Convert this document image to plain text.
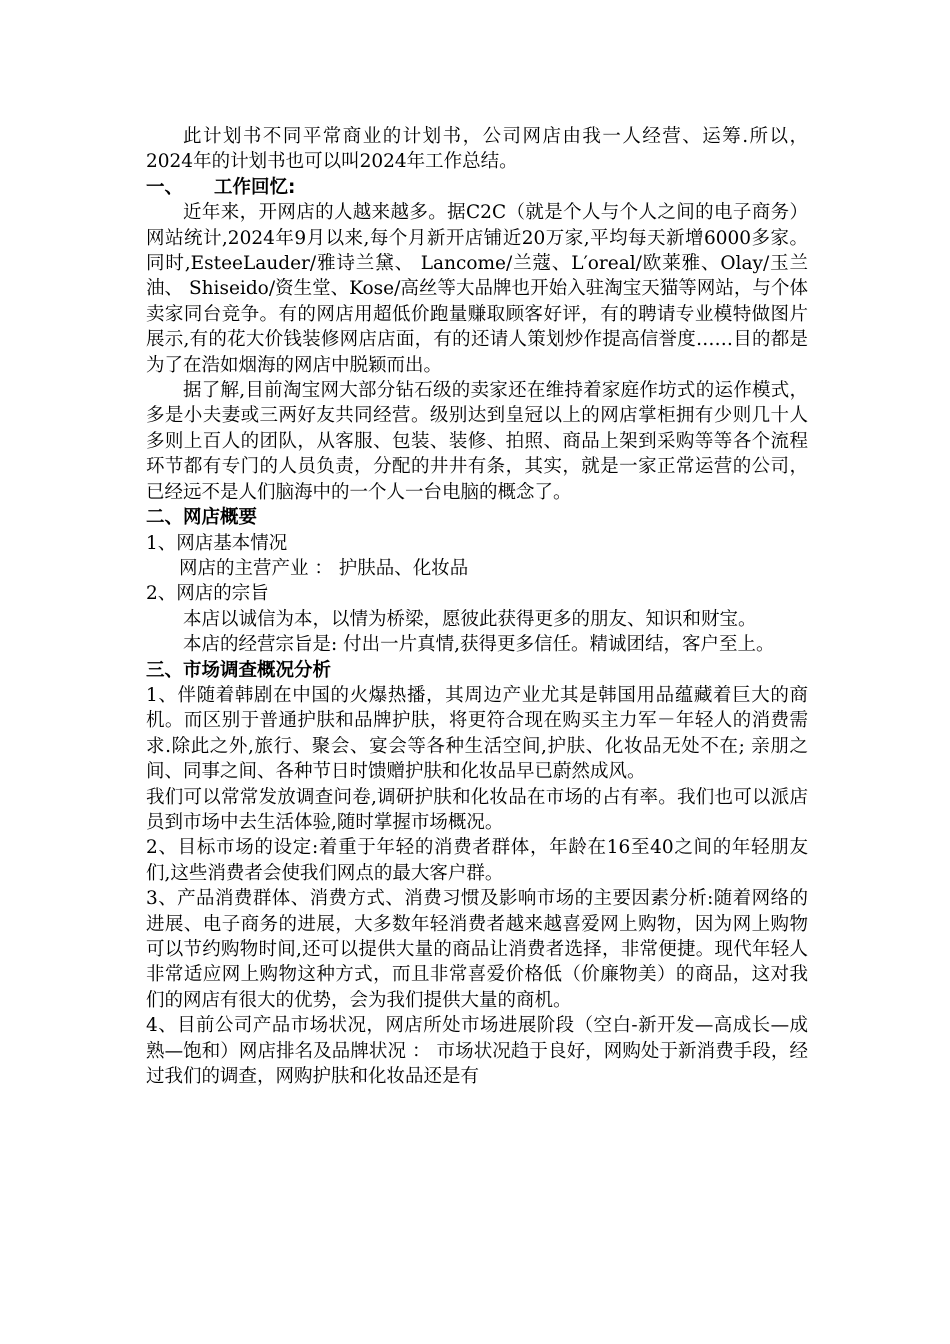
此计划书不同平常商业的计划书，公司网店由我一人经营、运筹.所以，2024年的计划书也可以叫2024年工作总结。

一、 工作回忆:

近年来，开网店的人越来越多。据C2C（就是个人与个人之间的电子商务）网站统计,2024年9月以来,每个月新开店铺近20万家,平均每天新增6000多家。同时,EsteeLauder/雅诗兰黛、 Lancome/兰蔻、L′oreal/欧莱雅、Olay/玉兰油、 Shiseido/资生堂、Kose/高丝等大品牌也开始入驻淘宝天猫等网站，与个体卖家同台竞争。有的网店用超低价跑量赚取顾客好评，有的聘请专业模特做图片展示,有的花大价钱装修网店店面，有的还请人策划炒作提高信誉度……目的都是为了在浩如烟海的网店中脱颖而出。

据了解,目前淘宝网大部分钻石级的卖家还在维持着家庭作坊式的运作模式，多是小夫妻或三两好友共同经营。级别达到皇冠以上的网店掌柜拥有少则几十人多则上百人的团队，从客服、包装、装修、拍照、商品上架到采购等等各个流程环节都有专门的人员负责，分配的井井有条，其实，就是一家正常运营的公司，已经远不是人们脑海中的一个人一台电脑的概念了。

二、网店概要

1、网店基本情况

网店的主营产业 ： 护肤品、化妆品

2、网店的宗旨

本店以诚信为本，以情为桥梁，愿彼此获得更多的朋友、知识和财宝。

本店的经营宗旨是: 付出一片真情,获得更多信任。精诚团结，客户至上。

三、市场调查概况分析

1、伴随着韩剧在中国的火爆热播，其周边产业尤其是韩国用品蕴藏着巨大的商机。而区别于普通护肤和品牌护肤，将更符合现在购买主力军－年轻人的消费需求.除此之外,旅行、聚会、宴会等各种生活空间,护肤、化妆品无处不在; 亲朋之间、同事之间、各种节日时馈赠护肤和化妆品早已蔚然成风。

我们可以常常发放调查问卷,调研护肤和化妆品在市场的占有率。我们也可以派店员到市场中去生活体验,随时掌握市场概况。

2、目标市场的设定:着重于年轻的消费者群体，年龄在16至40之间的年轻朋友们,这些消费者会使我们网点的最大客户群。

3、产品消费群体、消费方式、消费习惯及影响市场的主要因素分析:随着网络的进展、电子商务的进展，大多数年轻消费者越来越喜爱网上购物，因为网上购物可以节约购物时间,还可以提供大量的商品让消费者选择，非常便捷。现代年轻人非常适应网上购物这种方式，而且非常喜爱价格低（价廉物美）的商品，这对我们的网店有很大的优势，会为我们提供大量的商机。

4、目前公司产品市场状况，网店所处市场进展阶段（空白-新开发—高成长—成熟—饱和）网店排名及品牌状况 ： 市场状况趋于良好，网购处于新消费手段，经过我们的调查，网购护肤和化妆品还是有
